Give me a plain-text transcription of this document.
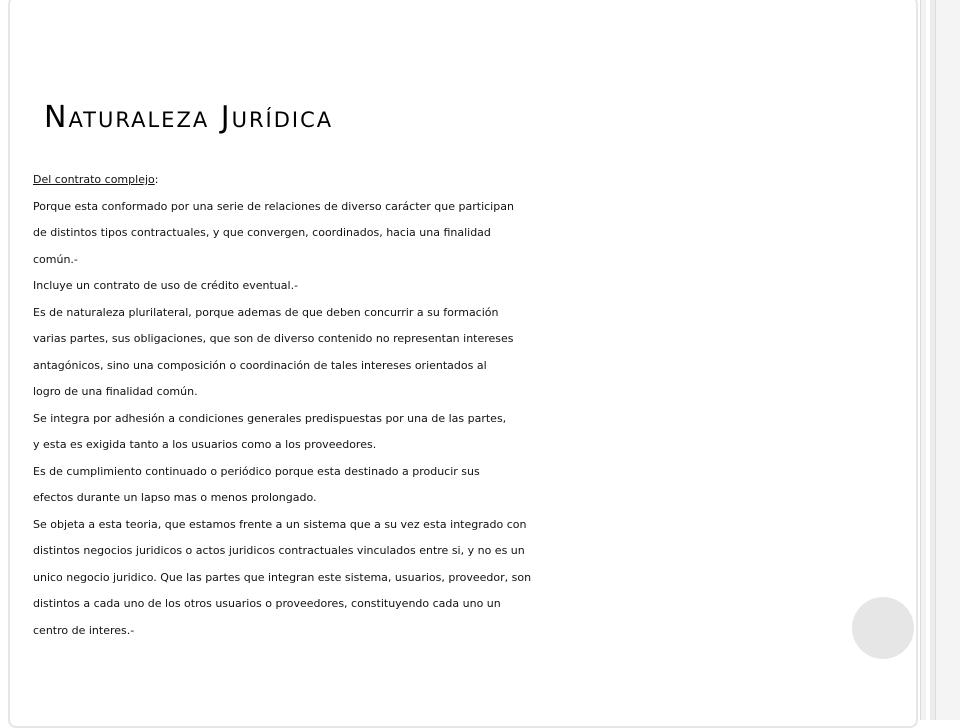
Naturaleza Jurídica

Del contrato complejo:

Porque esta conformado por una serie de relaciones de diverso carácter que participan

de distintos tipos contractuales, y que convergen, coordinados, hacia una finalidad

común.-

Incluye un contrato de uso de crédito eventual.-

Es de naturaleza plurilateral, porque ademas de que deben concurrir a su formación

varias partes, sus obligaciones, que son de diverso contenido no representan intereses

antagónicos, sino una composición o coordinación de tales intereses orientados al

logro de una finalidad común.

Se integra por adhesión a condiciones generales predispuestas por una de las partes,

y esta es exigida tanto a los usuarios como a los proveedores.

Es de cumplimiento continuado o periódico porque esta destinado a producir sus

efectos durante un lapso mas o menos prolongado.

Se objeta a esta teoria, que estamos frente a un sistema que a su vez esta integrado con

distintos negocios juridicos o actos juridicos contractuales vinculados entre si, y no es un

unico negocio juridico. Que las partes que integran este sistema, usuarios, proveedor, son

distintos a cada uno de los otros usuarios o proveedores, constituyendo cada uno un

centro de interes.-
